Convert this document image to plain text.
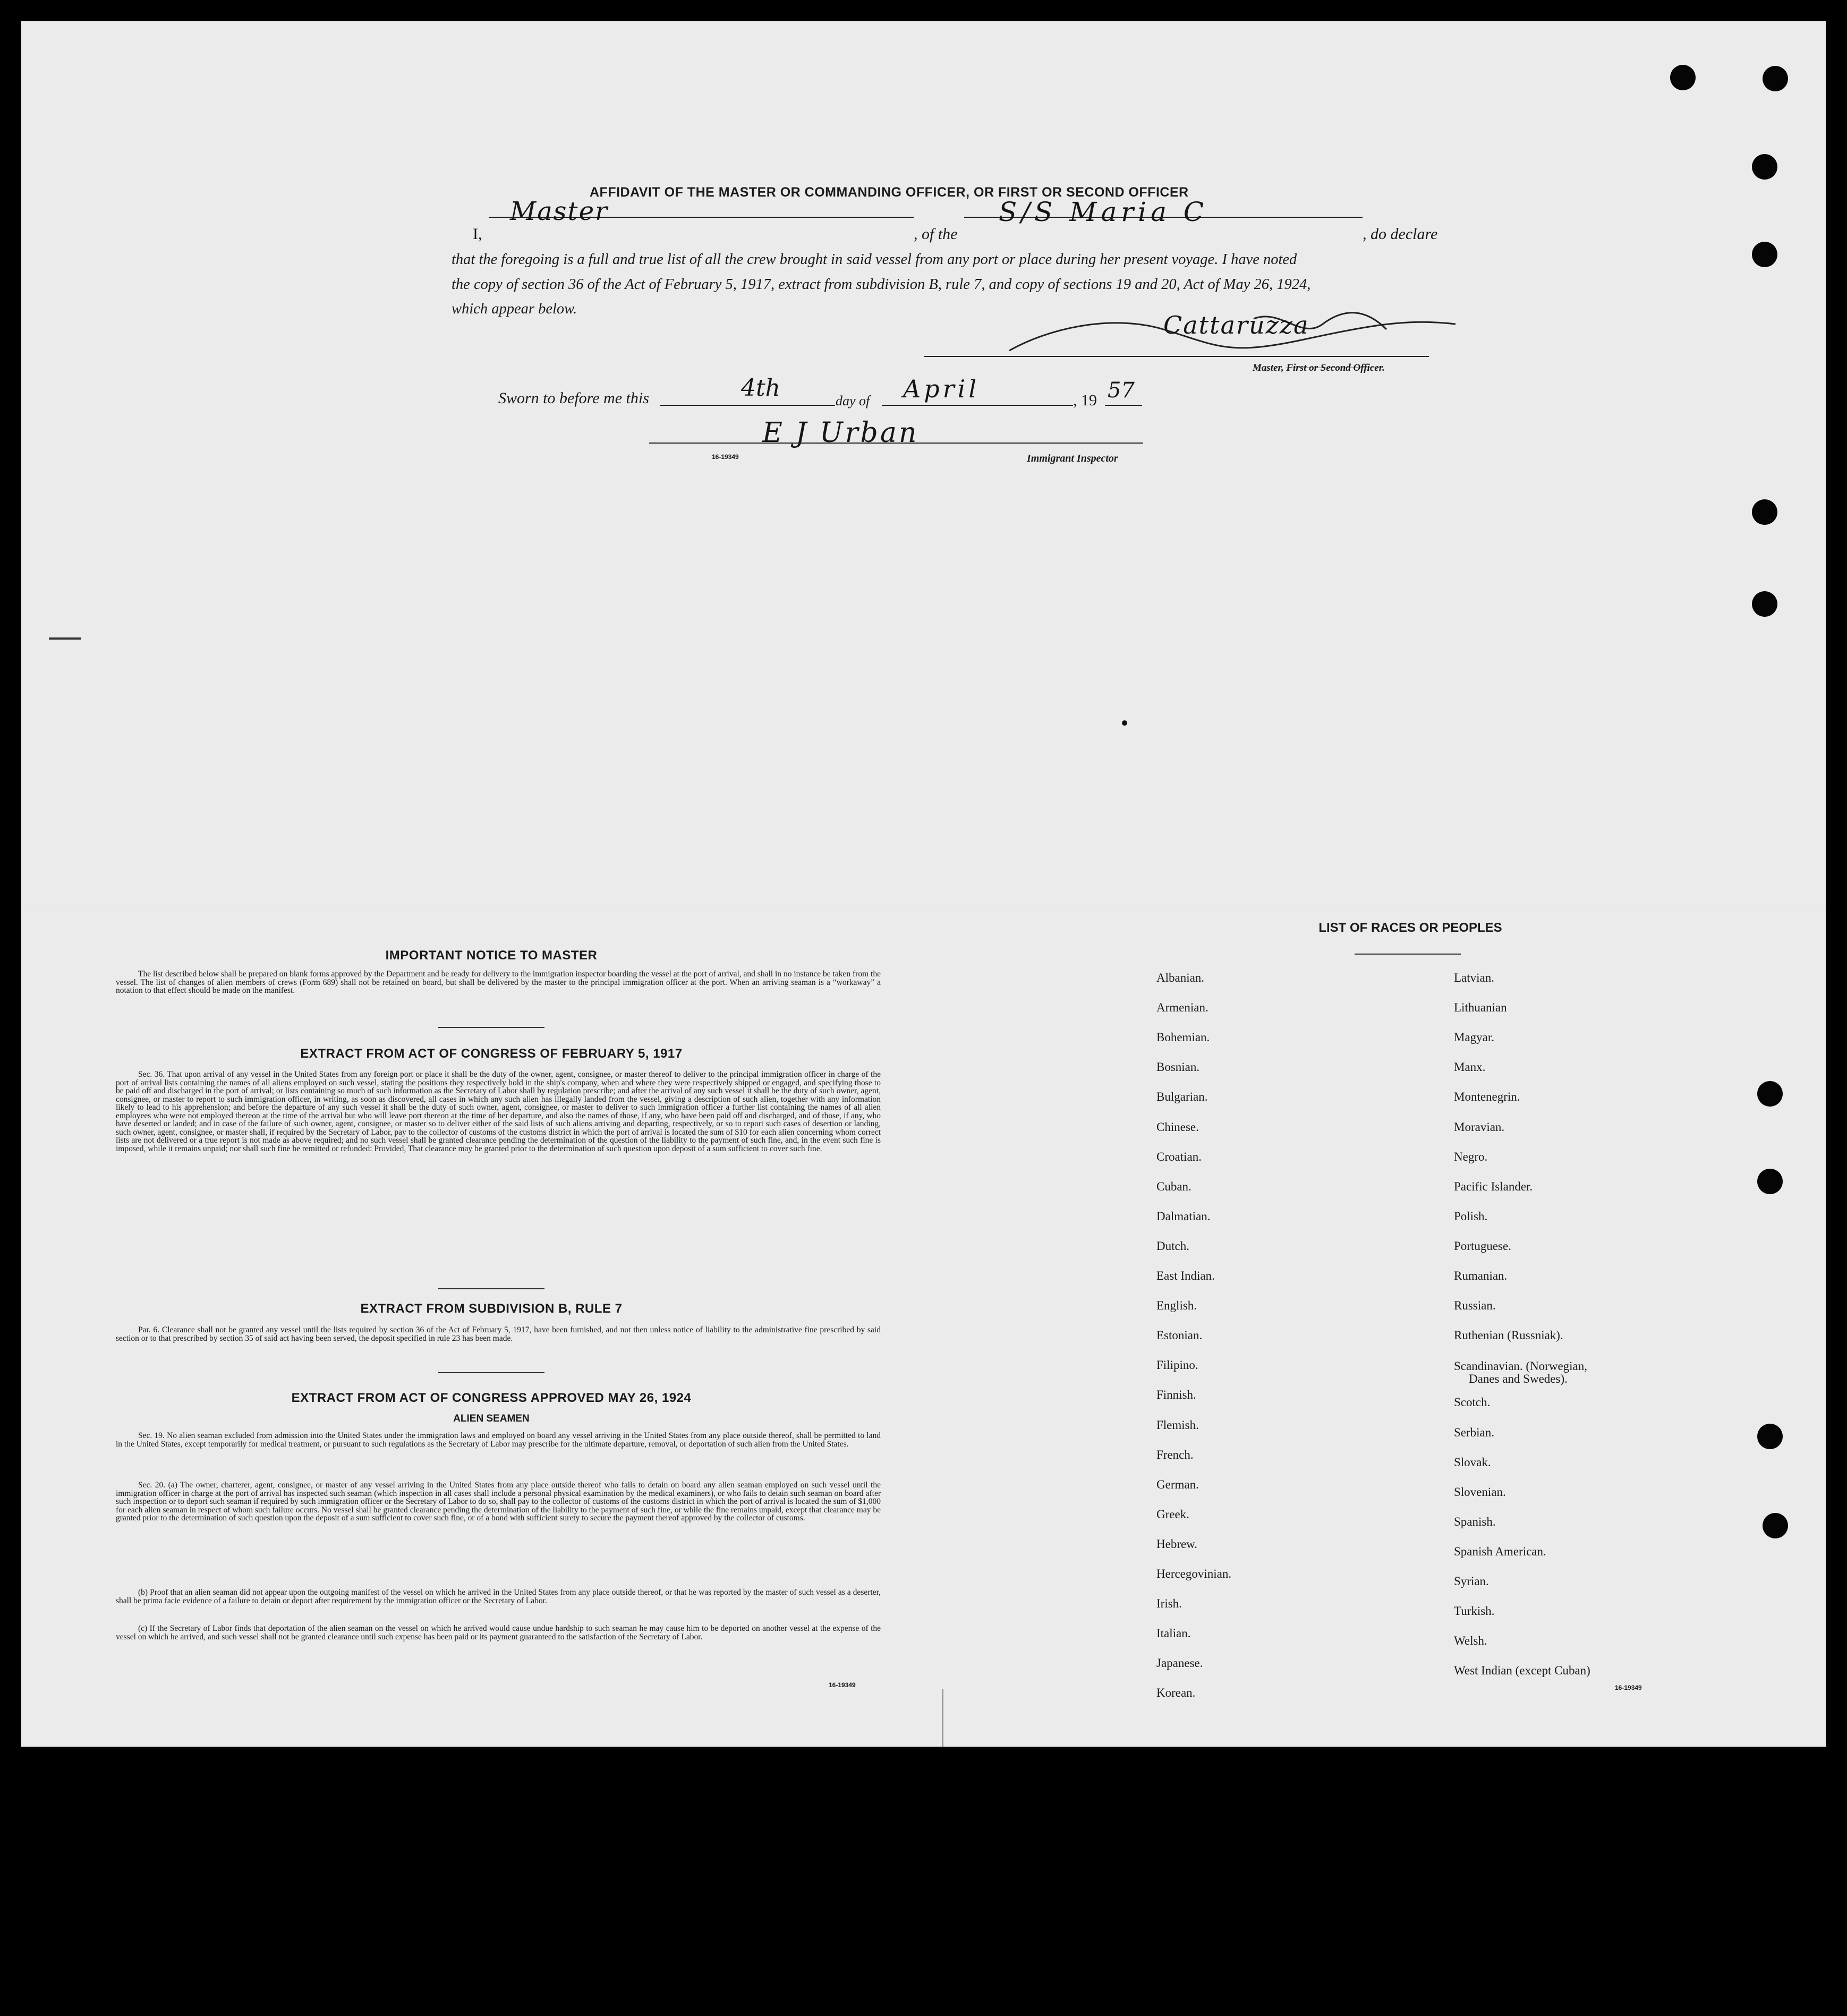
AFFIDAVIT OF THE MASTER OR COMMANDING OFFICER, OR FIRST OR SECOND OFFICER
I,
Master
, of the
S/S Maria C
, do declare
that the foregoing is a full and true list of all the crew brought in said vessel from any port or place during her present voyage. I have noted
the copy of section 36 of the Act of February 5, 1917, extract from subdivision B, rule 7, and copy of sections 19 and 20, Act of May 26, 1924,
which appear below.
Cattaruzza
Master, First or Second Officer.
Sworn to before me this	4th	day of April	, 19 57
E J Urban
16-19349	Immigrant Inspector
IMPORTANT NOTICE TO MASTER

The list described below shall be prepared on blank forms approved by the Department and be ready for delivery to the immigration inspector boarding the vessel at the port of arrival, and shall in no instance be taken from the vessel. The list of changes of alien members of crews (Form 689) shall not be retained on board, but shall be delivered by the master to the principal immigration officer at the port. When an arriving seaman is a “workaway” a notation to that effect should be made on the manifest.

EXTRACT FROM ACT OF CONGRESS OF FEBRUARY 5, 1917

Sec. 36. That upon arrival of any vessel in the United States from any foreign port or place it shall be the duty of the owner, agent, consignee, or master thereof to deliver to the principal immigration officer in charge of the port of arrival lists containing the names of all aliens employed on such vessel, stating the positions they respectively hold in the ship's company, when and where they were respectively shipped or engaged, and specifying those to be paid off and discharged in the port of arrival; or lists containing so much of such information as the Secretary of Labor shall by regulation prescribe; and after the arrival of any such vessel it shall be the duty of such owner, agent, consignee, or master to report to such immigration officer, in writing, as soon as discovered, all cases in which any such alien has illegally landed from the vessel, giving a description of such alien, together with any information likely to lead to his apprehension; and before the departure of any such vessel it shall be the duty of such owner, agent, consignee, or master to deliver to such immigration officer a further list containing the names of all alien employees who were not employed thereon at the time of the arrival but who will leave port thereon at the time of her departure, and also the names of those, if any, who have been paid off and discharged, and of those, if any, who have deserted or landed; and in case of the failure of such owner, agent, consignee, or master so to deliver either of the said lists of such aliens arriving and departing, respectively, or so to report such cases of desertion or landing, such owner, agent, consignee, or master shall, if required by the Secretary of Labor, pay to the collector of customs of the customs district in which the port of arrival is located the sum of $10 for each alien concerning whom correct lists are not delivered or a true report is not made as above required; and no such vessel shall be granted clearance pending the determination of the question of the liability to the payment of such fine, and, in the event such fine is imposed, while it remains unpaid; nor shall such fine be remitted or refunded: Provided, That clearance may be granted prior to the determination of such question upon deposit of a sum sufficient to cover such fine.

EXTRACT FROM SUBDIVISION B, RULE 7

Par. 6. Clearance shall not be granted any vessel until the lists required by section 36 of the Act of February 5, 1917, have been furnished, and not then unless notice of liability to the administrative fine prescribed by said section or to that prescribed by section 35 of said act having been served, the deposit specified in rule 23 has been made.

EXTRACT FROM ACT OF CONGRESS APPROVED MAY 26, 1924
ALIEN SEAMEN

Sec. 19. No alien seaman excluded from admission into the United States under the immigration laws and employed on board any vessel arriving in the United States from any place outside thereof, shall be permitted to land in the United States, except temporarily for medical treatment, or pursuant to such regulations as the Secretary of Labor may prescribe for the ultimate departure, removal, or deportation of such alien from the United States.

Sec. 20. (a) The owner, charterer, agent, consignee, or master of any vessel arriving in the United States from any place outside thereof who fails to detain on board any alien seaman employed on such vessel until the immigration officer in charge at the port of arrival has inspected such seaman (which inspection in all cases shall include a personal physical examination by the medical examiners), or who fails to detain such seaman on board after such inspection or to deport such seaman if required by such immigration officer or the Secretary of Labor to do so, shall pay to the collector of customs of the customs district in which the port of arrival is located the sum of $1,000 for each alien seaman in respect of whom such failure occurs. No vessel shall be granted clearance pending the determination of the liability to the payment of such fine, or while the fine remains unpaid, except that clearance may be granted prior to the determination of such question upon the deposit of a sum sufficient to cover such fine, or of a bond with sufficient surety to secure the payment thereof approved by the collector of customs.

(b) Proof that an alien seaman did not appear upon the outgoing manifest of the vessel on which he arrived in the United States from any place outside thereof, or that he was reported by the master of such vessel as a deserter, shall be prima facie evidence of a failure to detain or deport after requirement by the immigration officer or the Secretary of Labor.

(c) If the Secretary of Labor finds that deportation of the alien seaman on the vessel on which he arrived would cause undue hardship to such seaman he may cause him to be deported on another vessel at the expense of the vessel on which he arrived, and such vessel shall not be granted clearance until such expense has been paid or its payment guaranteed to the satisfaction of the Secretary of Labor.

16-19349
LIST OF RACES OR PEOPLES
Albanian.
Armenian.
Bohemian.
Bosnian.
Bulgarian.
Chinese.
Croatian.
Cuban.
Dalmatian.
Dutch.
East Indian.
English.
Estonian.
Filipino.
Finnish.
Flemish.
French.
German.
Greek.
Hebrew.
Hercegovinian.
Irish.
Italian.
Japanese.
Korean.
Latvian.
Lithuanian
Magyar.
Manx.
Montenegrin.
Moravian.
Negro.
Pacific Islander.
Polish.
Portuguese.
Rumanian.
Russian.
Ruthenian (Russniak).
Scandinavian. (Norwegian,
Danes and Swedes).
Scotch.
Serbian.
Slovak.
Slovenian.
Spanish.
Spanish American.
Syrian.
Turkish.
Welsh.
West Indian (except Cuban)
16-19349
